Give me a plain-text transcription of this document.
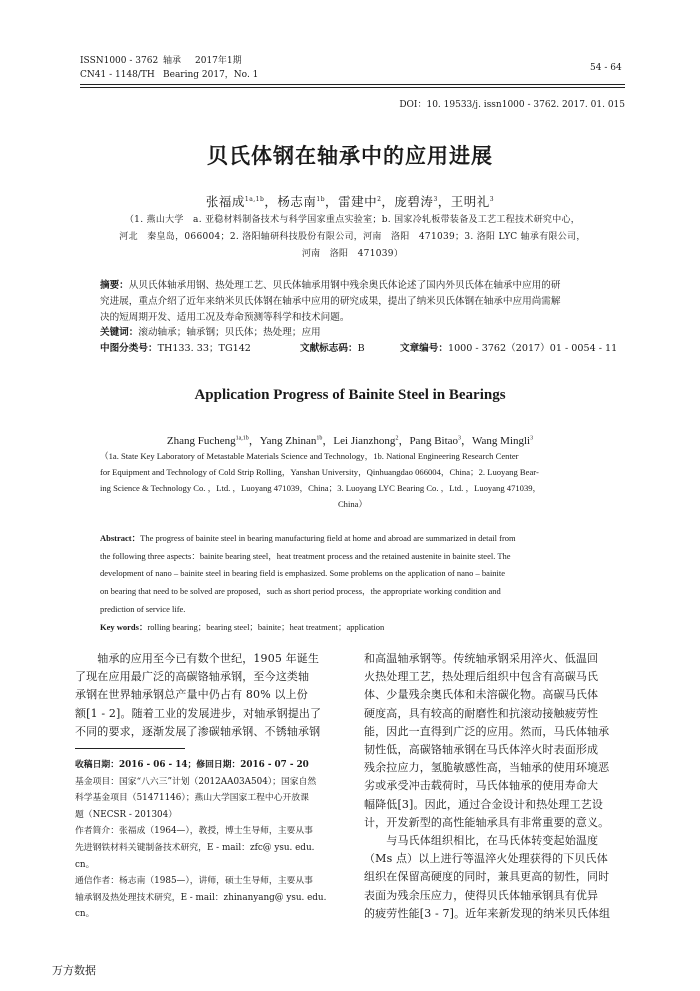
ISSN1000 - 3762 轴承 2017年1期
CN41 - 1148/TH Bearing 2017，No. 1
54 - 64
DOI：10. 19533/j. issn1000 - 3762. 2017. 01. 015
贝氏体钢在轴承中的应用进展
张福成$^{1a,1b}$，杨志南$^{1b}$，雷建中$^2$，庞碧涛$^3$，王明礼$^3$
（1. 燕山大学　a. 亚稳材料制备技术与科学国家重点实验室；b. 国家冷轧板带装备及工艺工程技术研究中心，
河北　秦皇岛，066004；2. 洛阳轴研科技股份有限公司，河南　洛阳　471039；3. 洛阳 LYC 轴承有限公司，
河南　洛阳　471039）
摘要：从贝氏体轴承用钢、热处理工艺、贝氏体轴承用钢中残余奥氏体论述了国内外贝氏体在轴承中应用的研
究进展，重点介绍了近年来纳米贝氏体钢在轴承中应用的研究成果，提出了纳米贝氏体钢在轴承中应用尚需解
决的短周期开发、适用工况及寿命预测等科学和技术问题。
关键词：滚动轴承；轴承钢；贝氏体；热处理；应用
中图分类号：TH133. 33；TG142	文献标志码：B	文章编号：1000 - 3762（2017）01 - 0054 - 11
Application Progress of Bainite Steel in Bearings
Zhang Fucheng$^{1a,1b}$，Yang Zhinan$^{1b}$，Lei Jianzhong$^2$，Pang Bitao$^3$，Wang Mingli$^3$
（1a. State Key Laboratory of Metastable Materials Science and Technology，1b. National Engineering Research Center
for Equipment and Technology of Cold Strip Rolling，Yanshan University，Qinhuangdao 066004，China；2. Luoyang Bear-
ing Science & Technology Co. ，Ltd. ，Luoyang 471039，China；3. Luoyang LYC Bearing Co. ，Ltd. ，Luoyang 471039，
China）
Abstract：The progress of bainite steel in bearing manufacturing field at home and abroad are summarized in detail from
the following three aspects：bainite bearing steel，heat treatment process and the retained austenite in bainite steel. The
development of nano – bainite steel in bearing field is emphasized. Some problems on the application of nano – bainite
on bearing that need to be solved are proposed，such as short period process，the appropriate working condition and
prediction of service life.
Key words：rolling bearing；bearing steel；bainite；heat treatment；application
　　轴承的应用至今已有数个世纪，1905 年诞生
了现在应用最广泛的高碳铬轴承钢，至今这类轴
承钢在世界轴承钢总产量中仍占有 80% 以上份
额[1 - 2]。随着工业的发展进步，对轴承钢提出了
不同的要求，逐渐发展了渗碳轴承钢、不锈轴承钢
收稿日期：2016 - 06 - 14；修回日期：2016 - 07 - 20
基金项目：国家“八六三”计划（2012AA03A504）；国家自然
科学基金项目（51471146）；燕山大学国家工程中心开放课
题（NECSR - 201304）
作者简介：张福成（1964—），教授，博士生导师，主要从事
先进钢铁材料关键制备技术研究，E - mail：zfc@ ysu. edu.
cn。
通信作者：杨志南（1985—），讲师，硕士生导师，主要从事
轴承钢及热处理技术研究，E - mail：zhinanyang@ ysu. edu.
cn。
和高温轴承钢等。传统轴承钢采用淬火、低温回
火热处理工艺，热处理后组织中包含有高碳马氏
体、少量残余奥氏体和未溶碳化物。高碳马氏体
硬度高，具有较高的耐磨性和抗滚动接触疲劳性
能，因此一直得到广泛的应用。然而，马氏体轴承
韧性低，高碳铬轴承钢在马氏体淬火时表面形成
残余拉应力，氢脆敏感性高，当轴承的使用环境恶
劣或承受冲击载荷时，马氏体轴承的使用寿命大
幅降低[3]。因此，通过合金设计和热处理工艺设
计，开发新型的高性能轴承具有非常重要的意义。
　　与马氏体组织相比，在马氏体转变起始温度
（Ms 点）以上进行等温淬火处理获得的下贝氏体
组织在保留高硬度的同时，兼具更高的韧性，同时
表面为残余压应力，使得贝氏体轴承钢具有优异
的疲劳性能[3 - 7]。近年来新发现的纳米贝氏体组
万方数据
